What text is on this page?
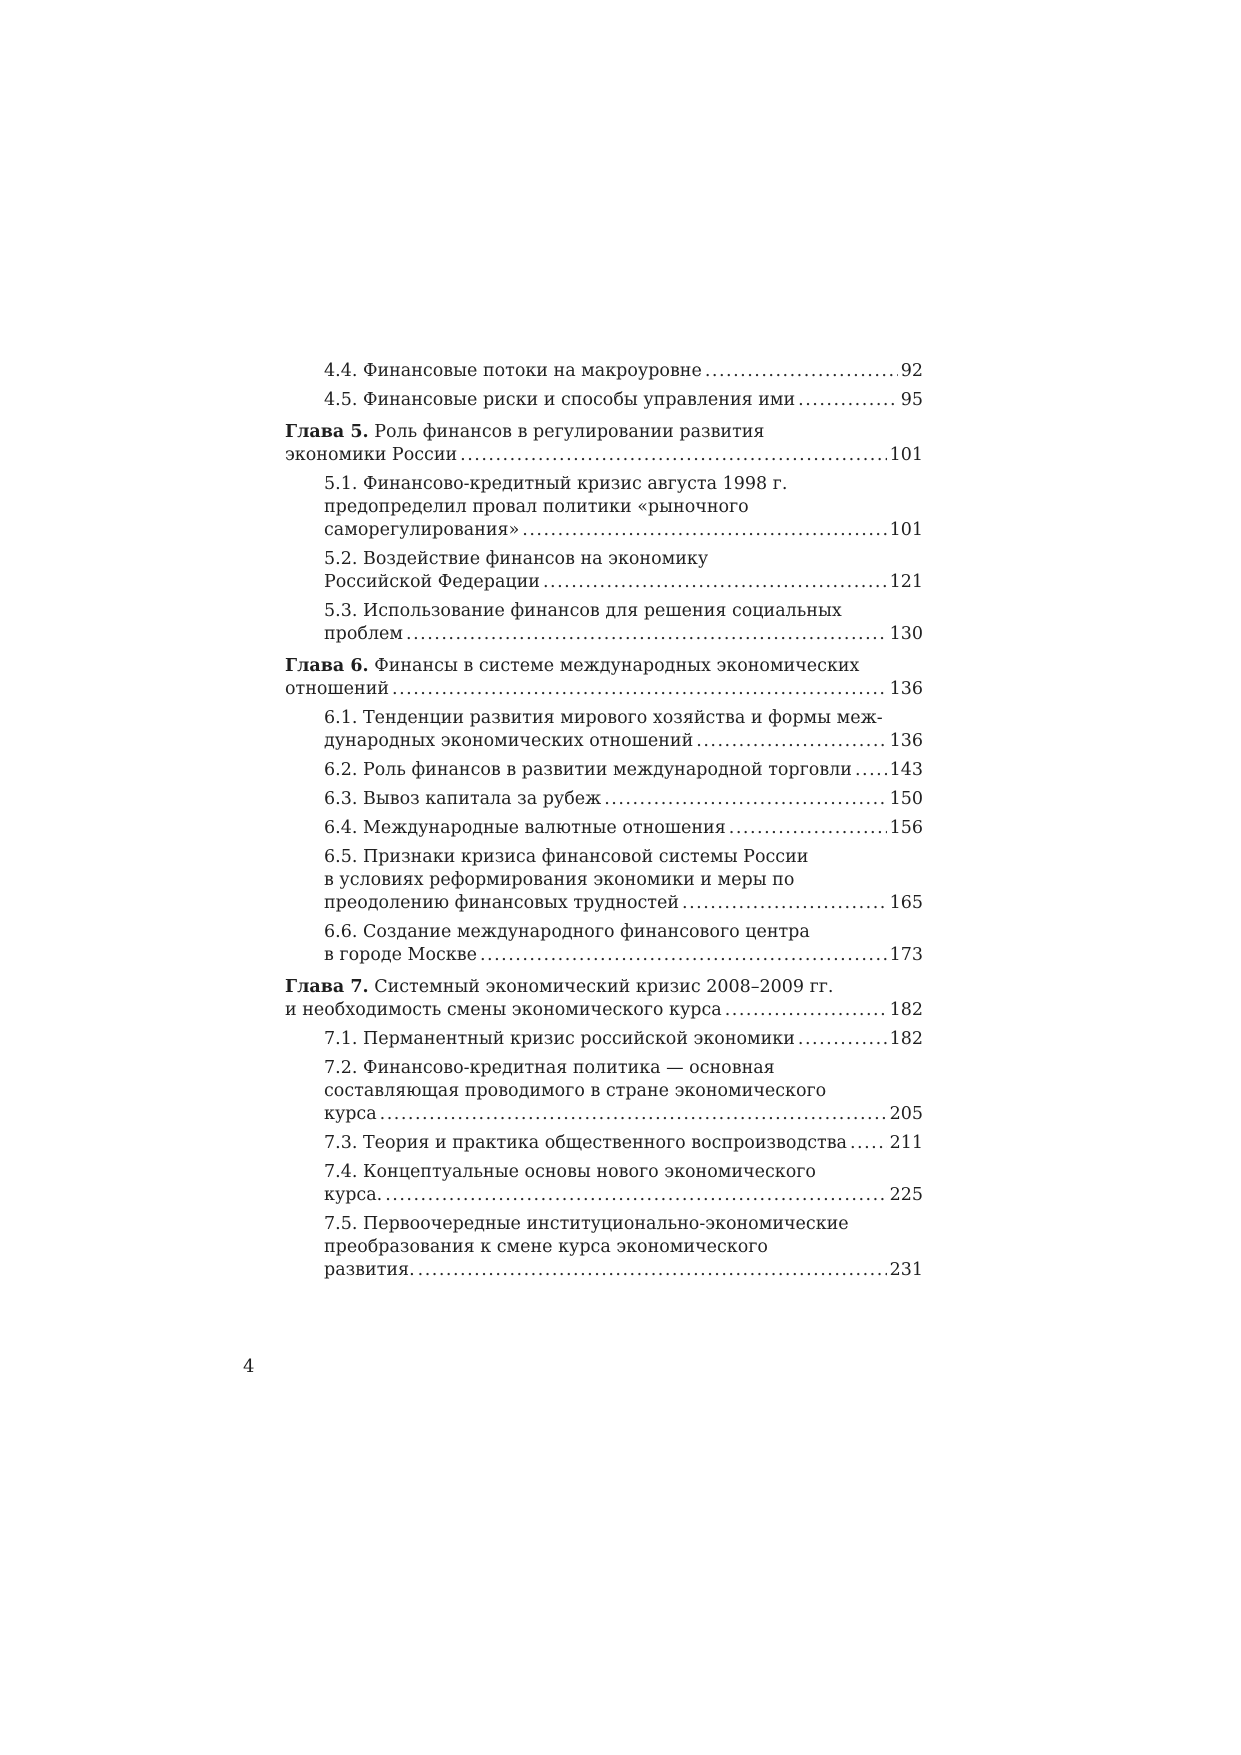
4.4. Финансовые потоки на макроуровне .....	92
4.5. Финансовые риски и способы управления ими .....	95
Глава 5. Роль финансов в регулировании развития
экономики России .....	101
5.1. Финансово-кредитный кризис августа 1998 г.
предопределил провал политики «рыночного
саморегулирования» .....	101
5.2. Воздействие финансов на экономику
Российской Федерации .....	121
5.3. Использование финансов для решения социальных
проблем .....	130
Глава 6. Финансы в системе международных экономических
отношений .....	136
6.1. Тенденции развития мирового хозяйства и формы меж-
дународных экономических отношений .....	136
6.2. Роль финансов в развитии международной торговли ..... 143
6.3. Вывоз капитала за рубеж .....	150
6.4. Международные валютные отношения .....	156
6.5. Признаки кризиса финансовой системы России
в условиях реформирования экономики и меры по
преодолению финансовых трудностей .....	165
6.6. Создание международного финансового центра
в городе Москве .....	173
Глава 7. Системный экономический кризис 2008–2009 гг.
и необходимость смены экономического курса .....	182
7.1. Перманентный кризис российской экономики .....	182
7.2. Финансово-кредитная политика — основная
составляющая проводимого в стране экономического
курса .....	205
7.3. Теория и практика общественного воспроизводства ..... 211
7.4. Концептуальные основы нового экономического
курса. .....	225
7.5. Первоочередные институционально-экономические
преобразования к смене курса экономического
развития. .....	231
4
